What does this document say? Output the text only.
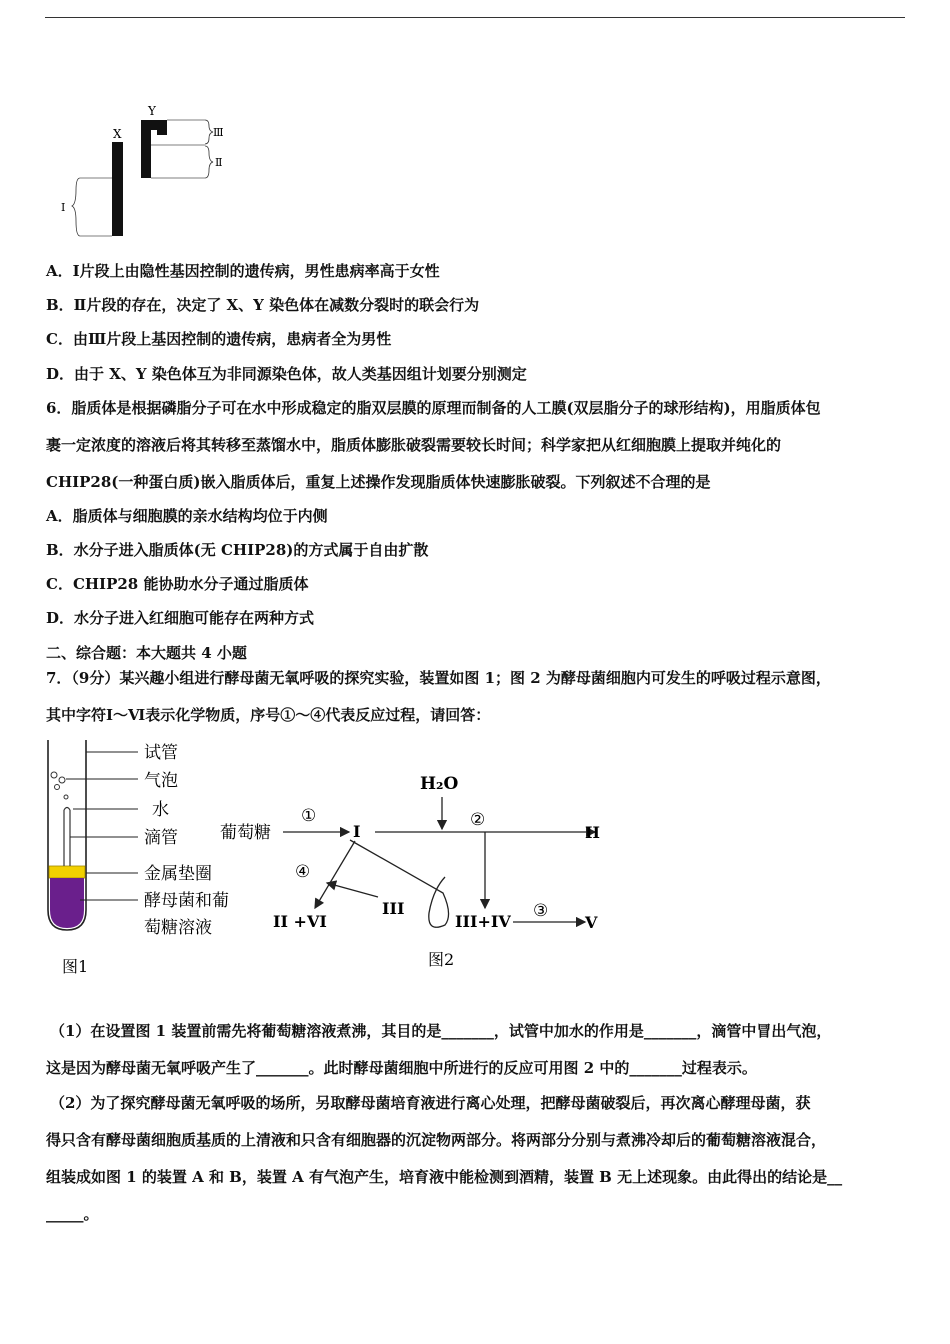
X
Y
Ⅲ
Ⅱ
Ⅰ
A．Ⅰ片段上由隐性基因控制的遗传病，男性患病率高于女性
B．Ⅱ片段的存在，决定了 X、Y 染色体在减数分裂时的联会行为
C．由Ⅲ片段上基因控制的遗传病，患病者全为男性
D．由于 X、Y 染色体互为非同源染色体，故人类基因组计划要分别测定
6．脂质体是根据磷脂分子可在水中形成稳定的脂双层膜的原理而制备的人工膜(双层脂分子的球形结构)，用脂质体包
裹一定浓度的溶液后将其转移至蒸馏水中，脂质体膨胀破裂需要较长时间；科学家把从红细胞膜上提取并纯化的
CHIP28(一种蛋白质)嵌入脂质体后，重复上述操作发现脂质体快速膨胀破裂。下列叙述不合理的是
A．脂质体与细胞膜的亲水结构均位于内侧
B．水分子进入脂质体(无 CHIP28)的方式属于自由扩散
C．CHIP28 能协助水分子通过脂质体
D．水分子进入红细胞可能存在两种方式
二、综合题：本大题共 4 小题
7．（9分）某兴趣小组进行酵母菌无氧呼吸的探究实验，装置如图 1；图 2 为酵母菌细胞内可发生的呼吸过程示意图，
其中字符Ⅰ～Ⅵ表示化学物质，序号①～④代表反应过程，请回答：
试管
气泡
水
滴管
金属垫圈
酵母菌和葡
萄糖溶液
图1
H₂O
葡萄糖
①
I	II
②
④
II +VI
III
III+IV
③
V
图2
（1）在设置图 1 装置前需先将葡萄糖溶液煮沸，其目的是_______，试管中加水的作用是_______，滴管中冒出气泡，
这是因为酵母菌无氧呼吸产生了_______。此时酵母菌细胞中所进行的反应可用图 2 中的_______过程表示。
（2）为了探究酵母菌无氧呼吸的场所，另取酵母菌培育液进行离心处理，把酵母菌破裂后，再次离心酵理母菌，获
得只含有酵母菌细胞质基质的上清液和只含有细胞器的沉淀物两部分。将两部分分别与煮沸冷却后的葡萄糖溶液混合，
组装成如图 1 的装置 A 和 B，装置 A 有气泡产生，培育液中能检测到酒精，装置 B 无上述现象。由此得出的结论是__
_____。
